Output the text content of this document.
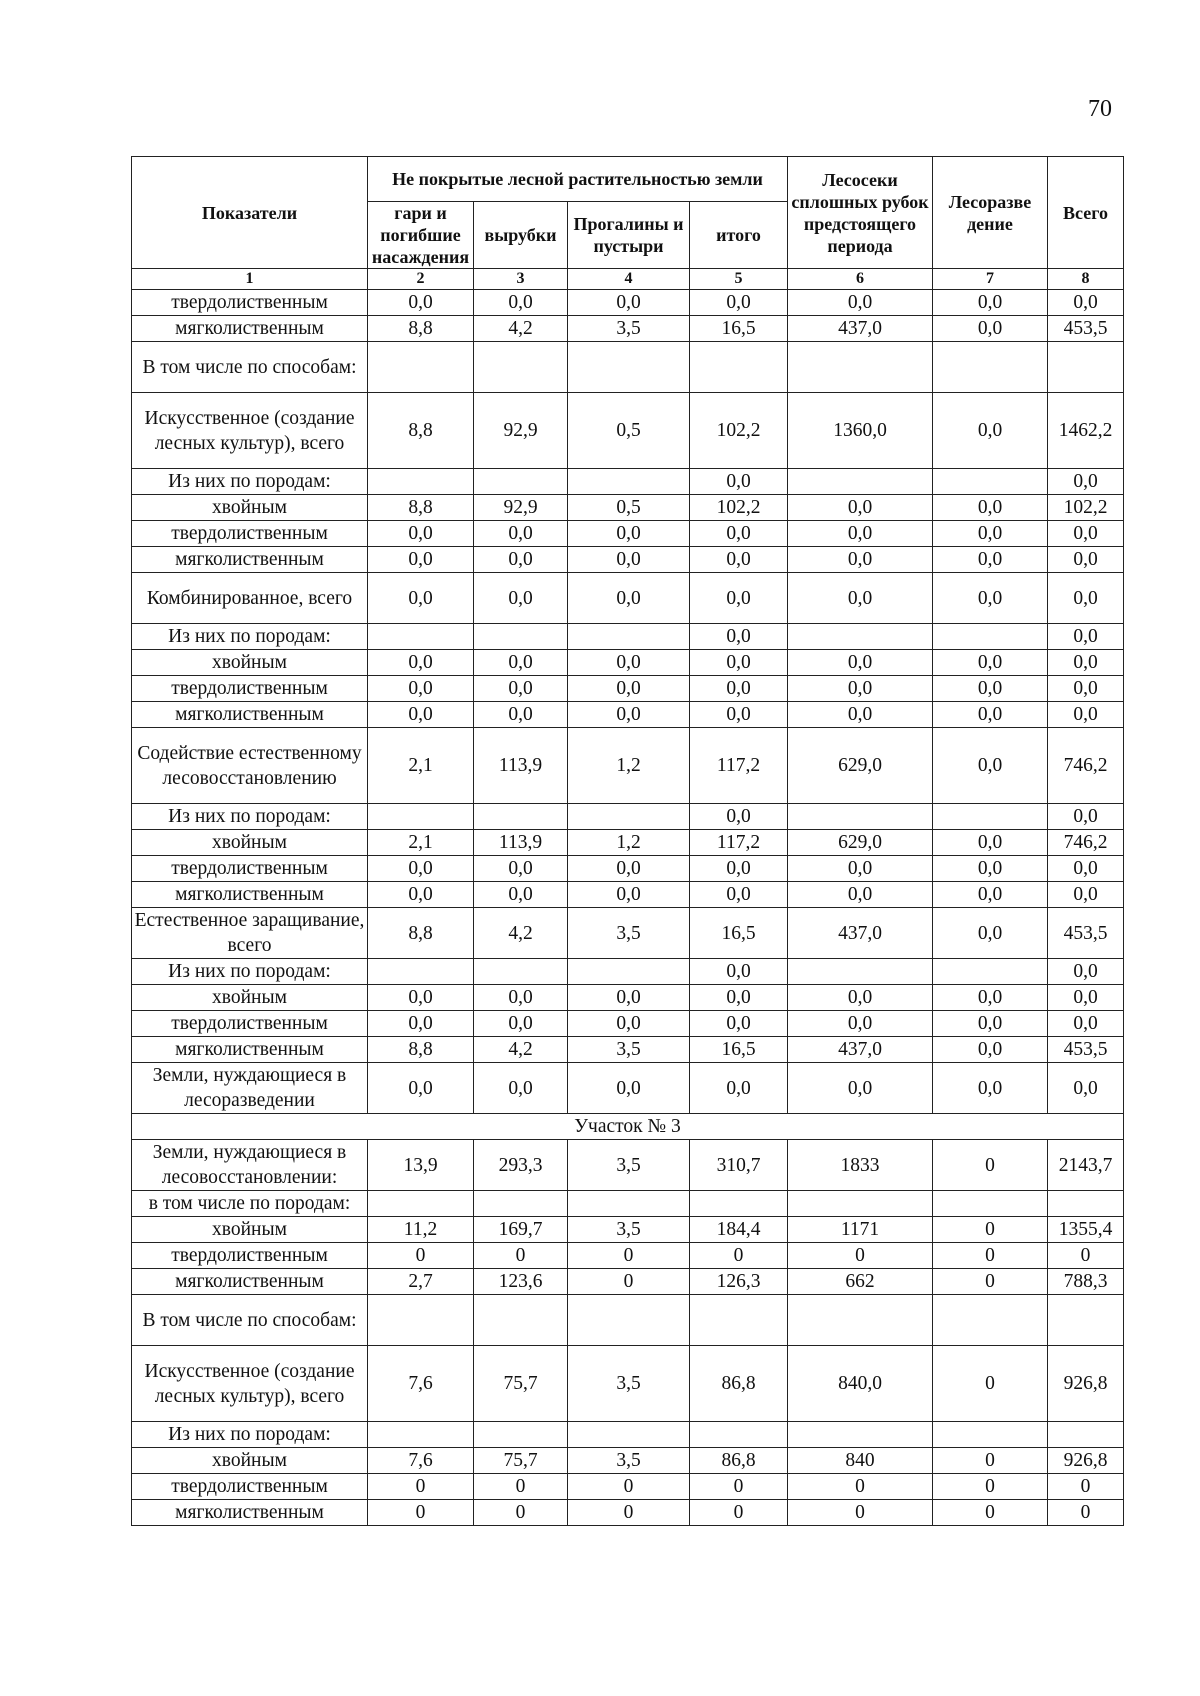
70
Показатели	Не покрытые лесной растительностью земли				Лесосеки сплошных рубок предстоящего периода	Лесоразве дение	Всего
	гари и погибшие насаждения	вырубки	Прогалины и пустыри	итого			
1	2	3	4	5	6	7	8
твердолиственным	0,0	0,0	0,0	0,0	0,0	0,0	0,0
мягколиственным	8,8	4,2	3,5	16,5	437,0	0,0	453,5
В том числе по способам:							
Искусственное (создание лесных культур), всего	8,8	92,9	0,5	102,2	1360,0	0,0	1462,2
Из них по породам:				0,0			0,0
хвойным	8,8	92,9	0,5	102,2	0,0	0,0	102,2
твердолиственным	0,0	0,0	0,0	0,0	0,0	0,0	0,0
мягколиственным	0,0	0,0	0,0	0,0	0,0	0,0	0,0
Комбинированное, всего	0,0	0,0	0,0	0,0	0,0	0,0	0,0
Из них по породам:				0,0			0,0
хвойным	0,0	0,0	0,0	0,0	0,0	0,0	0,0
твердолиственным	0,0	0,0	0,0	0,0	0,0	0,0	0,0
мягколиственным	0,0	0,0	0,0	0,0	0,0	0,0	0,0
Содействие естественному лесовосстановлению	2,1	113,9	1,2	117,2	629,0	0,0	746,2
Из них по породам:				0,0			0,0
хвойным	2,1	113,9	1,2	117,2	629,0	0,0	746,2
твердолиственным	0,0	0,0	0,0	0,0	0,0	0,0	0,0
мягколиственным	0,0	0,0	0,0	0,0	0,0	0,0	0,0
Естественное заращивание, всего	8,8	4,2	3,5	16,5	437,0	0,0	453,5
Из них по породам:				0,0			0,0
хвойным	0,0	0,0	0,0	0,0	0,0	0,0	0,0
твердолиственным	0,0	0,0	0,0	0,0	0,0	0,0	0,0
мягколиственным	8,8	4,2	3,5	16,5	437,0	0,0	453,5
Земли, нуждающиеся в лесоразведении	0,0	0,0	0,0	0,0	0,0	0,0	0,0
Участок № 3							
Земли, нуждающиеся в лесовосстановлении:	13,9	293,3	3,5	310,7	1833	0	2143,7
в том числе по породам:							
хвойным	11,2	169,7	3,5	184,4	1171	0	1355,4
твердолиственным	0	0	0	0	0	0	0
мягколиственным	2,7	123,6	0	126,3	662	0	788,3
В том числе по способам:							
Искусственное (создание лесных культур), всего	7,6	75,7	3,5	86,8	840,0	0	926,8
Из них по породам:							
хвойным	7,6	75,7	3,5	86,8	840	0	926,8
твердолиственным	0	0	0	0	0	0	0
мягколиственным	0	0	0	0	0	0	0
